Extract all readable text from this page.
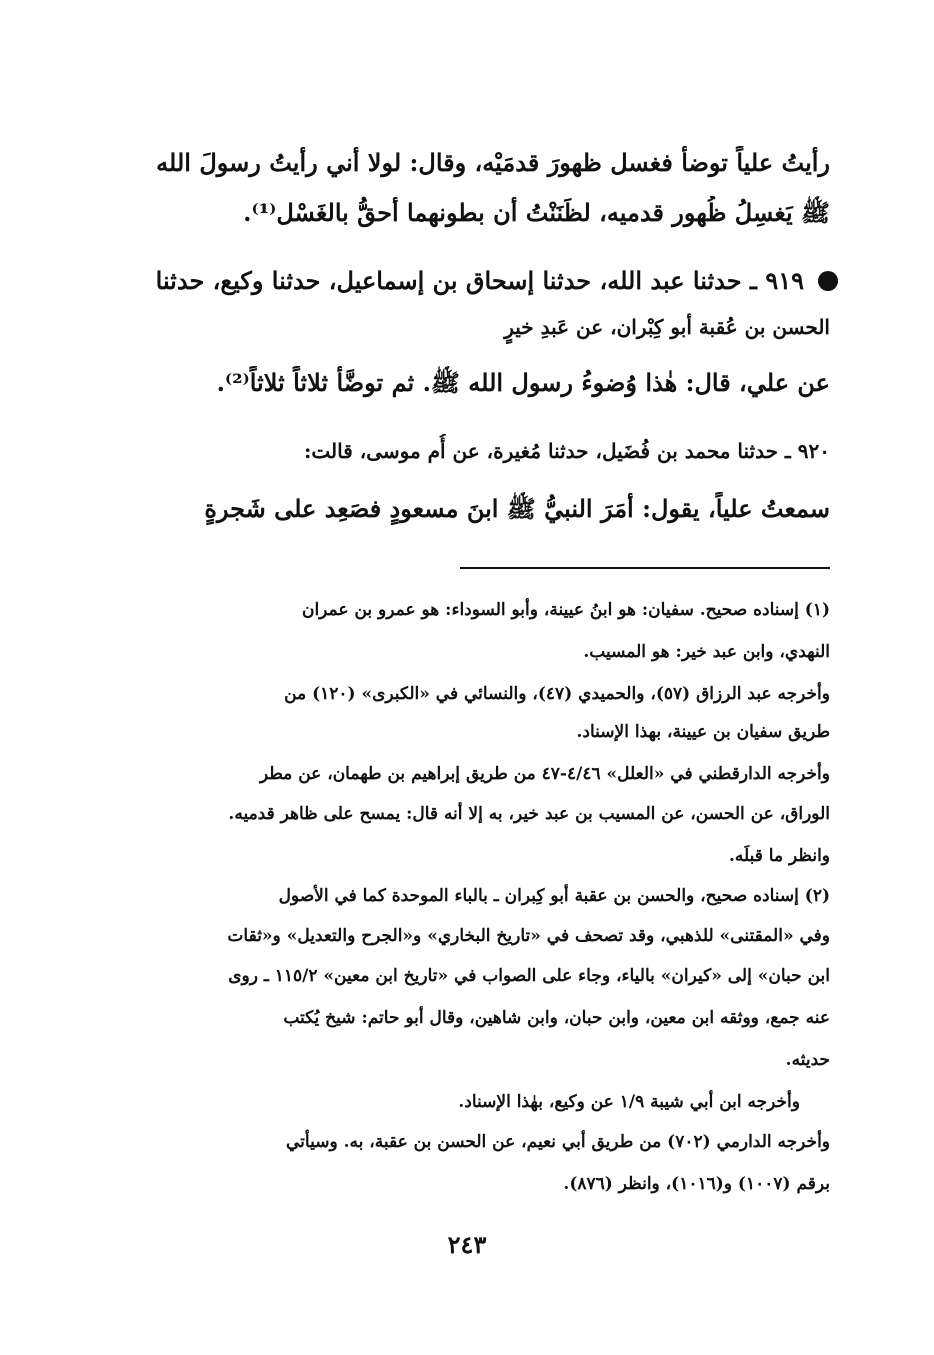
رأيتُ علياً توضأ فغسل ظهورَ قدمَيْه، وقال: لولا أني رأيتُ رسولَ الله
ﷺ يَغسِلُ ظُهور قدميه، لظَنَنْتُ أن بطونهما أحقُّ بالغَسْل⁽¹⁾.
٩١٩ ـ حدثنا عبد الله، حدثنا إسحاق بن إسماعيل، حدثنا وكيع، حدثنا
الحسن بن عُقبة أبو كِبْران، عن عَبدِ خيرٍ
عن علي، قال: هٰذا وُضوءُ رسول الله ﷺ. ثم توضَّأ ثلاثاً ثلاثاً⁽²⁾.
٩٢٠ ـ حدثنا محمد بن فُضَيل، حدثنا مُغيرة، عن أُم موسى، قالت:
سمعتُ علياً، يقول: أمَرَ النبيُّ ﷺ ابنَ مسعودٍ فصَعِد على شَجرةٍ
(١) إسناده صحيح. سفيان: هو ابنُ عيينة، وأبو السوداء: هو عمرو بن عمران
النهدي، وابن عبد خير: هو المسيب.
وأخرجه عبد الرزاق (٥٧)، والحميدي (٤٧)، والنسائي في «الكبرى» (١٢٠) من
طريق سفيان بن عيينة، بهذا الإسناد.
وأخرجه الدارقطني في «العلل» ٤/٤٦-٤٧ من طريق إبراهيم بن طهمان، عن مطر
الوراق، عن الحسن، عن المسيب بن عبد خير، به إلا أنه قال: يمسح على ظاهر قدميه.
وانظر ما قبلَه.
(٢) إسناده صحيح، والحسن بن عقبة أبو كِبران ـ بالباء الموحدة كما في الأصول
وفي «المقتنى» للذهبي، وقد تصحف في «تاريخ البخاري» و«الجرح والتعديل» و«ثقات
ابن حبان» إلى «كيران» بالياء، وجاء على الصواب في «تاريخ ابن معين» ١١٥/٢ ـ روى
عنه جمع، ووثقه ابن معين، وابن حبان، وابن شاهين، وقال أبو حاتم: شيخ يُكتب
حديثه.
وأخرجه ابن أبي شيبة ١/٩ عن وكيع، بهٰذا الإسناد.
وأخرجه الدارمي (٧٠٢) من طريق أبي نعيم، عن الحسن بن عقبة، به. وسيأتي
برقم (١٠٠٧) و(١٠١٦)، وانظر (٨٧٦).
٢٤٣
